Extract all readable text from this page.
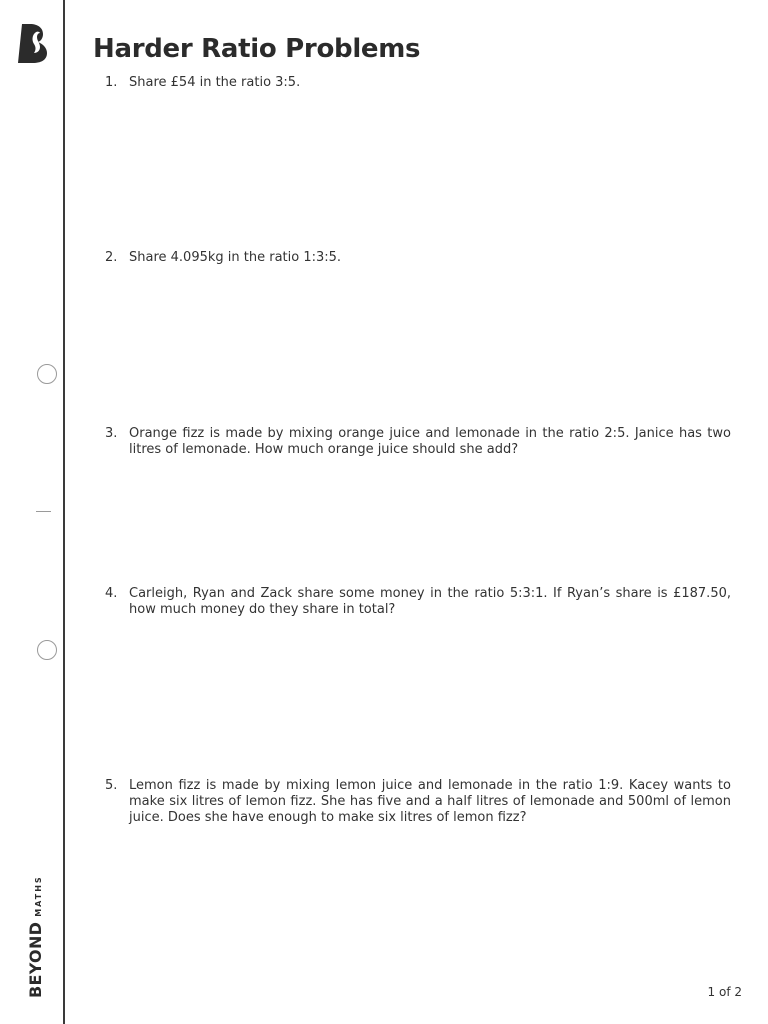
BEYOND
MATHS
Harder Ratio Problems
1. Share £54 in the ratio 3:5.
2. Share 4.095kg in the ratio 1:3:5.
3. Orange fizz is made by mixing orange juice and lemonade in the ratio 2:5. Janice has two litres of lemonade. How much orange juice should she add?
4. Carleigh, Ryan and Zack share some money in the ratio 5:3:1. If Ryan’s share is £187.50, how much money do they share in total?
5. Lemon fizz is made by mixing lemon juice and lemonade in the ratio 1:9. Kacey wants to make six litres of lemon fizz. She has five and a half litres of lemonade and 500ml of lemon juice. Does she have enough to make six litres of lemon fizz?
1 of 2
